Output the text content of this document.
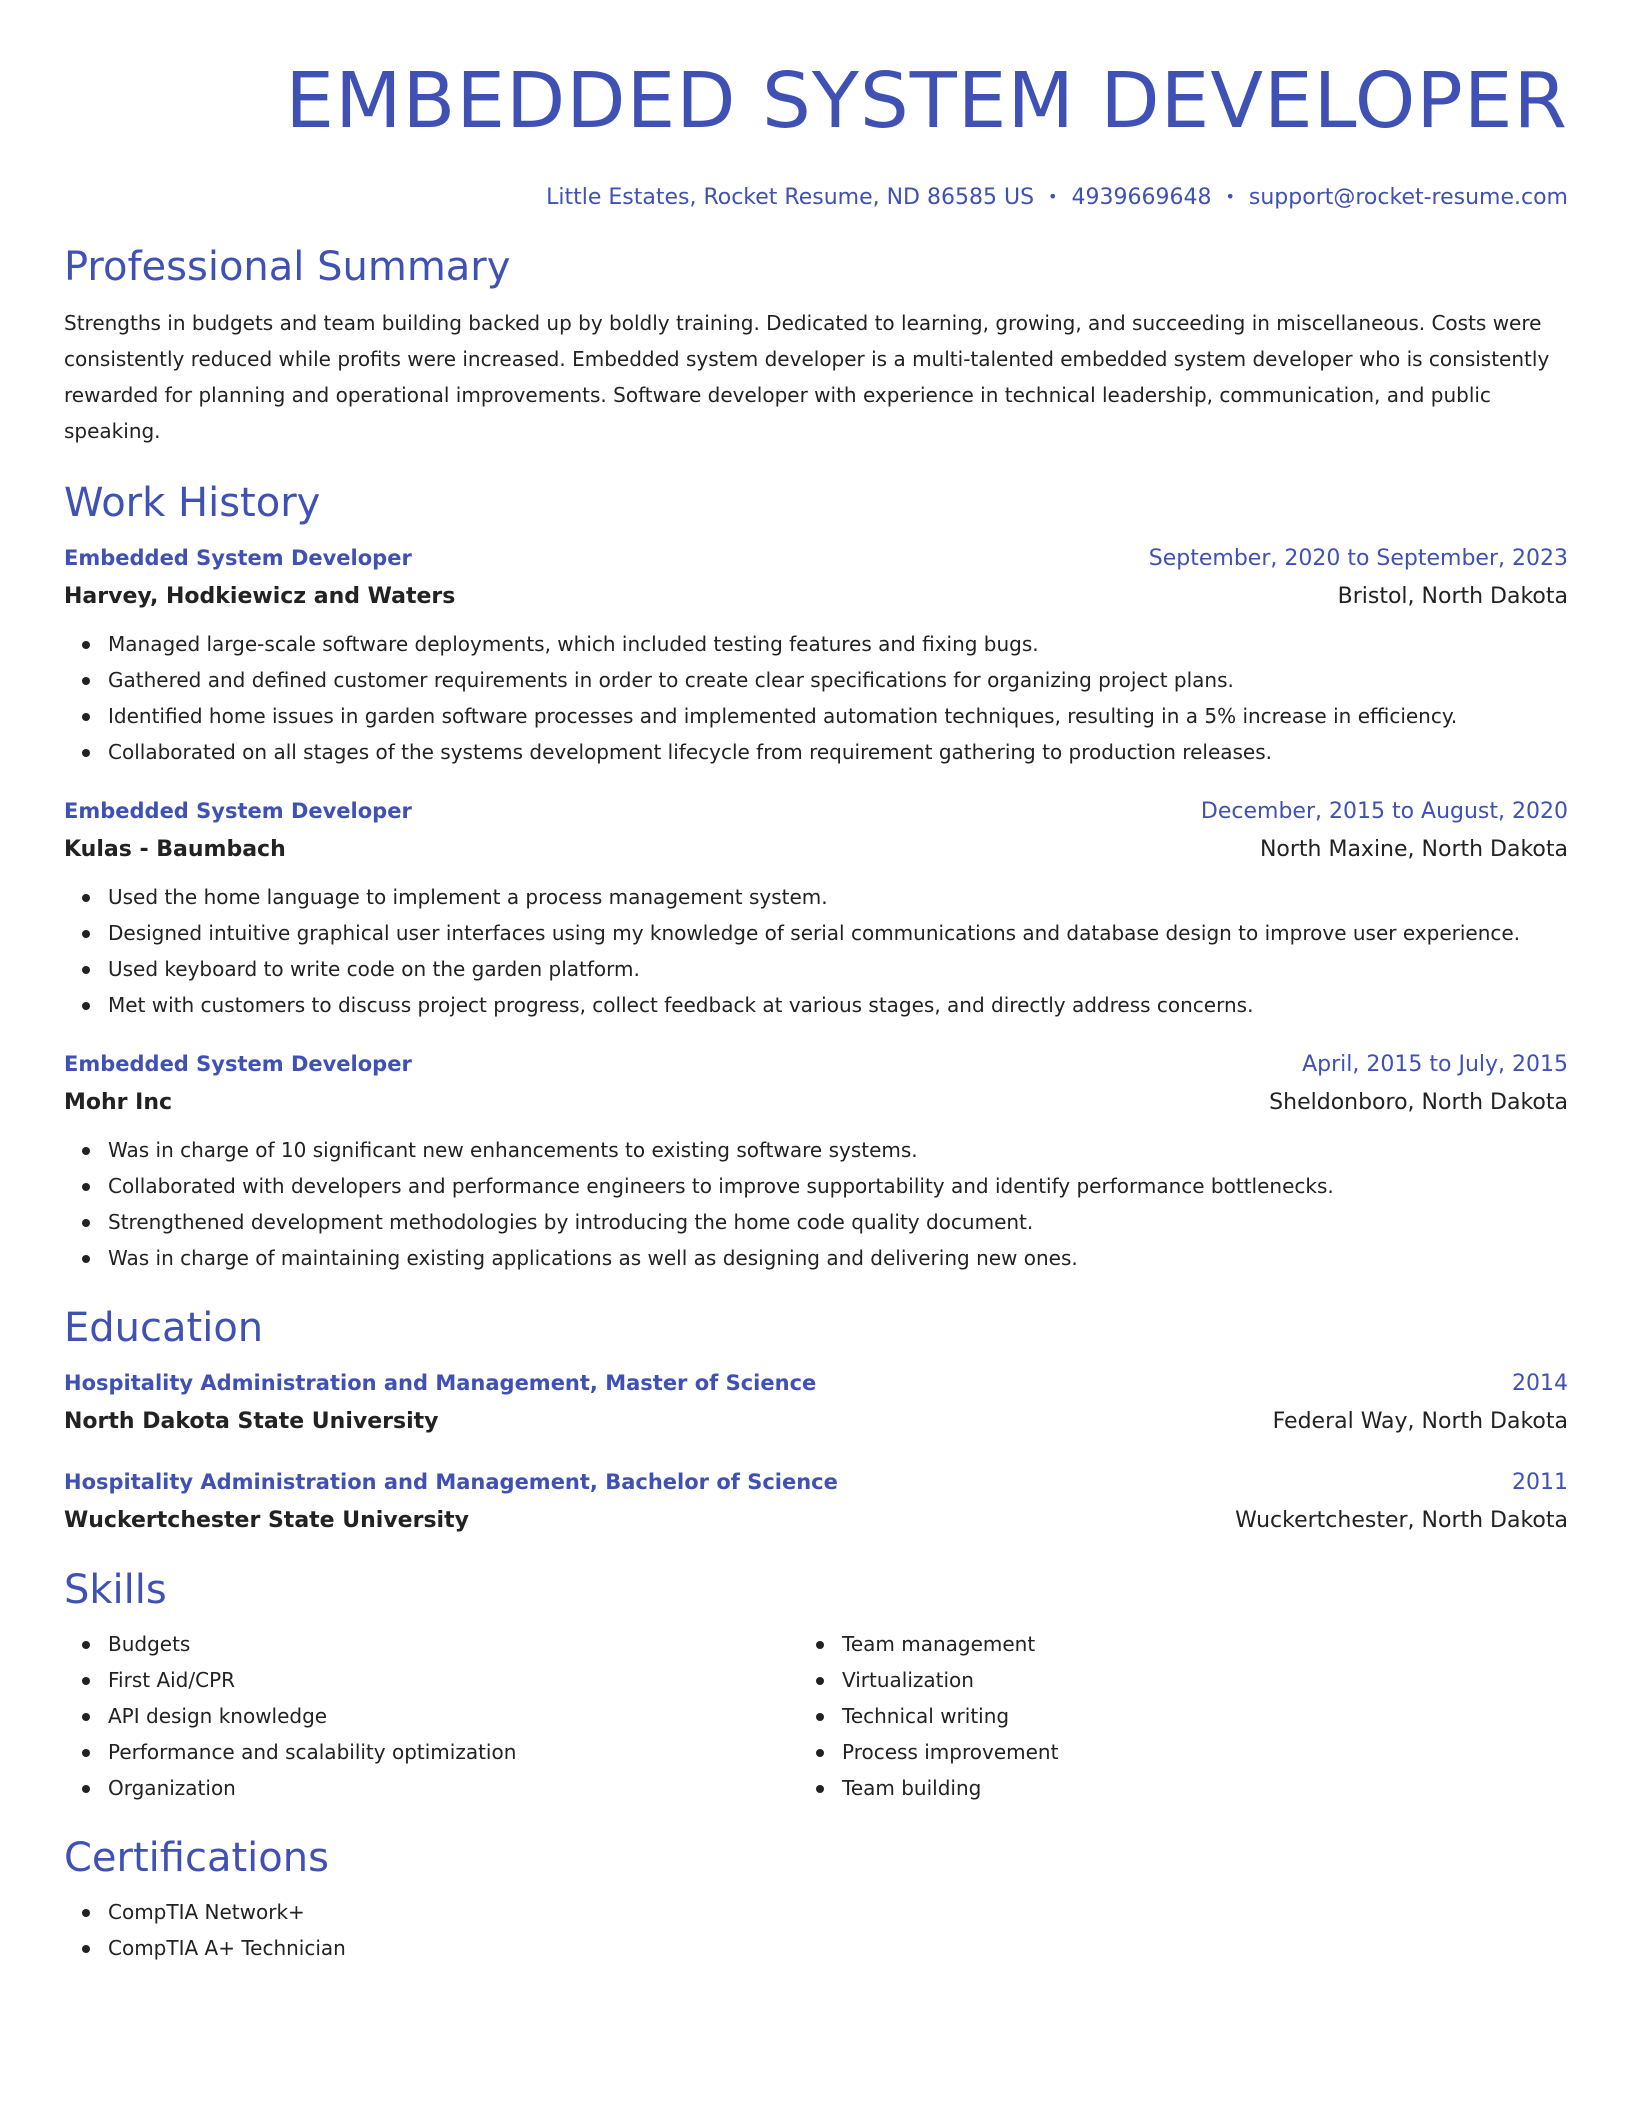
EMBEDDED SYSTEM DEVELOPER
Little Estates, Rocket Resume, ND 86585 US • 4939669648 • support@rocket-resume.com
Professional Summary

Strengths in budgets and team building backed up by boldly training. Dedicated to learning, growing, and succeeding in miscellaneous. Costs were consistently reduced while profits were increased. Embedded system developer is a multi-talented embedded system developer who is consistently rewarded for planning and operational improvements. Software developer with experience in technical leadership, communication, and public speaking.

Work History
Embedded System Developer	September, 2020 to September, 2023
Harvey, Hodkiewicz and Waters	Bristol, North Dakota
Managed large-scale software deployments, which included testing features and fixing bugs.
Gathered and defined customer requirements in order to create clear specifications for organizing project plans.
Identified home issues in garden software processes and implemented automation techniques, resulting in a 5% increase in efficiency.
Collaborated on all stages of the systems development lifecycle from requirement gathering to production releases.
Embedded System Developer	December, 2015 to August, 2020
Kulas - Baumbach	North Maxine, North Dakota
Used the home language to implement a process management system.
Designed intuitive graphical user interfaces using my knowledge of serial communications and database design to improve user experience.
Used keyboard to write code on the garden platform.
Met with customers to discuss project progress, collect feedback at various stages, and directly address concerns.
Embedded System Developer	April, 2015 to July, 2015
Mohr Inc	Sheldonboro, North Dakota
Was in charge of 10 significant new enhancements to existing software systems.
Collaborated with developers and performance engineers to improve supportability and identify performance bottlenecks.
Strengthened development methodologies by introducing the home code quality document.
Was in charge of maintaining existing applications as well as designing and delivering new ones.
Education
Hospitality Administration and Management, Master of Science	2014
North Dakota State University	Federal Way, North Dakota
Hospitality Administration and Management, Bachelor of Science	2011
Wuckertchester State University	Wuckertchester, North Dakota
Skills
Budgets
First Aid/CPR
API design knowledge
Performance and scalability optimization
Organization
Team management
Virtualization
Technical writing
Process improvement
Team building
Certifications
CompTIA Network+
CompTIA A+ Technician
